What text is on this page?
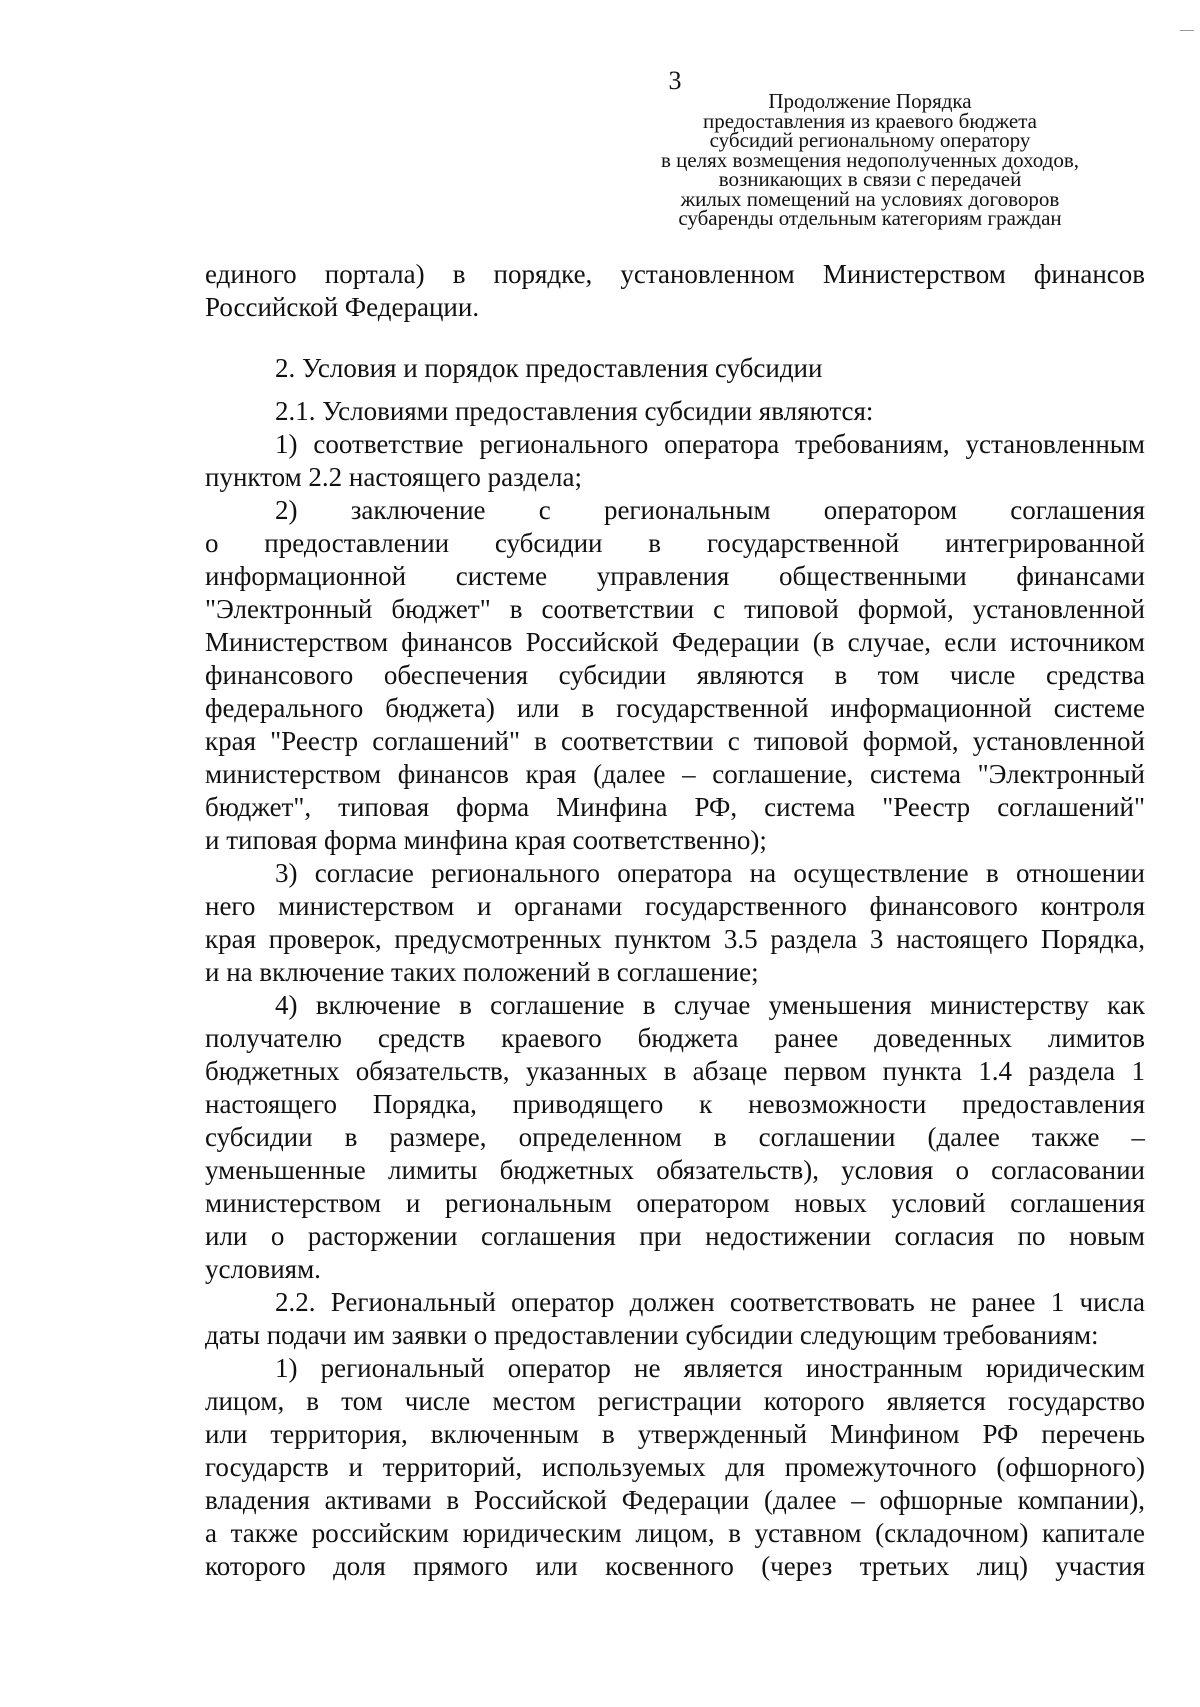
3
Продолжение Порядка
предоставления из краевого бюджета
субсидий региональному оператору
в целях возмещения недополученных доходов,
возникающих в связи с передачей
жилых помещений на условиях договоров
субаренды отдельным категориям граждан
единого портала) в порядке, установленном Министерством финансов
Российской Федерации.
2. Условия и порядок предоставления субсидии
2.1. Условиями предоставления субсидии являются:
1) соответствие регионального оператора требованиям, установленным
пунктом 2.2 настоящего раздела;
2) заключение с региональным оператором соглашения
о предоставлении субсидии в государственной интегрированной
информационной системе управления общественными финансами
"Электронный бюджет" в соответствии с типовой формой, установленной
Министерством финансов Российской Федерации (в случае, если источником
финансового обеспечения субсидии являются в том числе средства
федерального бюджета) или в государственной информационной системе
края "Реестр соглашений" в соответствии с типовой формой, установленной
министерством финансов края (далее – соглашение, система "Электронный
бюджет", типовая форма Минфина РФ, система "Реестр соглашений"
и типовая форма минфина края соответственно);
3) согласие регионального оператора на осуществление в отношении
него министерством и органами государственного финансового контроля
края проверок, предусмотренных пунктом 3.5 раздела 3 настоящего Порядка,
и на включение таких положений в соглашение;
4) включение в соглашение в случае уменьшения министерству как
получателю средств краевого бюджета ранее доведенных лимитов
бюджетных обязательств, указанных в абзаце первом пункта 1.4 раздела 1
настоящего Порядка, приводящего к невозможности предоставления
субсидии в размере, определенном в соглашении (далее также –
уменьшенные лимиты бюджетных обязательств), условия о согласовании
министерством и региональным оператором новых условий соглашения
или о расторжении соглашения при недостижении согласия по новым
условиям.
2.2. Региональный оператор должен соответствовать не ранее 1 числа
даты подачи им заявки о предоставлении субсидии следующим требованиям:
1) региональный оператор не является иностранным юридическим
лицом, в том числе местом регистрации которого является государство
или территория, включенным в утвержденный Минфином РФ перечень
государств и территорий, используемых для промежуточного (офшорного)
владения активами в Российской Федерации (далее – офшорные компании),
а также российским юридическим лицом, в уставном (складочном) капитале
которого доля прямого или косвенного (через третьих лиц) участия
